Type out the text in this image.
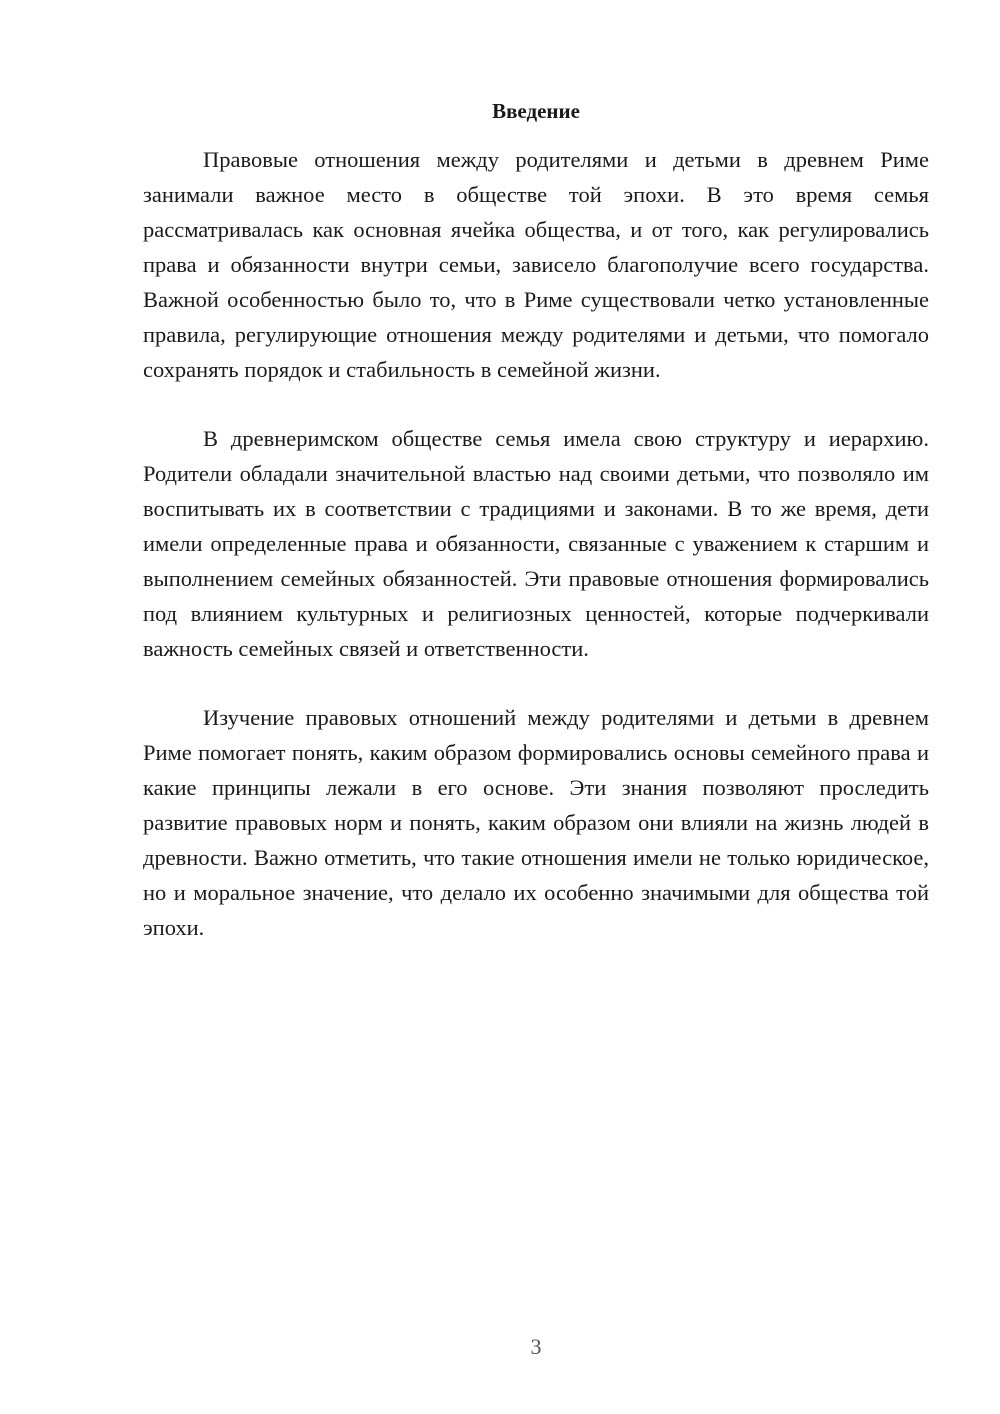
Введение

Правовые отношения между родителями и детьми в древнем Риме занимали важное место в обществе той эпохи. В это время семья рассматривалась как основная ячейка общества, и от того, как регулировались права и обязанности внутри семьи, зависело благополучие всего государства. Важной особенностью было то, что в Риме существовали четко установленные правила, регулирующие отношения между родителями и детьми, что помогало сохранять порядок и стабильность в семейной жизни.

В древнеримском обществе семья имела свою структуру и иерархию. Родители обладали значительной властью над своими детьми, что позволяло им воспитывать их в соответствии с традициями и законами. В то же время, дети имели определенные права и обязанности, связанные с уважением к старшим и выполнением семейных обязанностей. Эти правовые отношения формировались под влиянием культурных и религиозных ценностей, которые подчеркивали важность семейных связей и ответственности.

Изучение правовых отношений между родителями и детьми в древнем Риме помогает понять, каким образом формировались основы семейного права и какие принципы лежали в его основе. Эти знания позволяют проследить развитие правовых норм и понять, каким образом они влияли на жизнь людей в древности. Важно отметить, что такие отношения имели не только юридическое, но и моральное значение, что делало их особенно значимыми для общества той эпохи.

3
